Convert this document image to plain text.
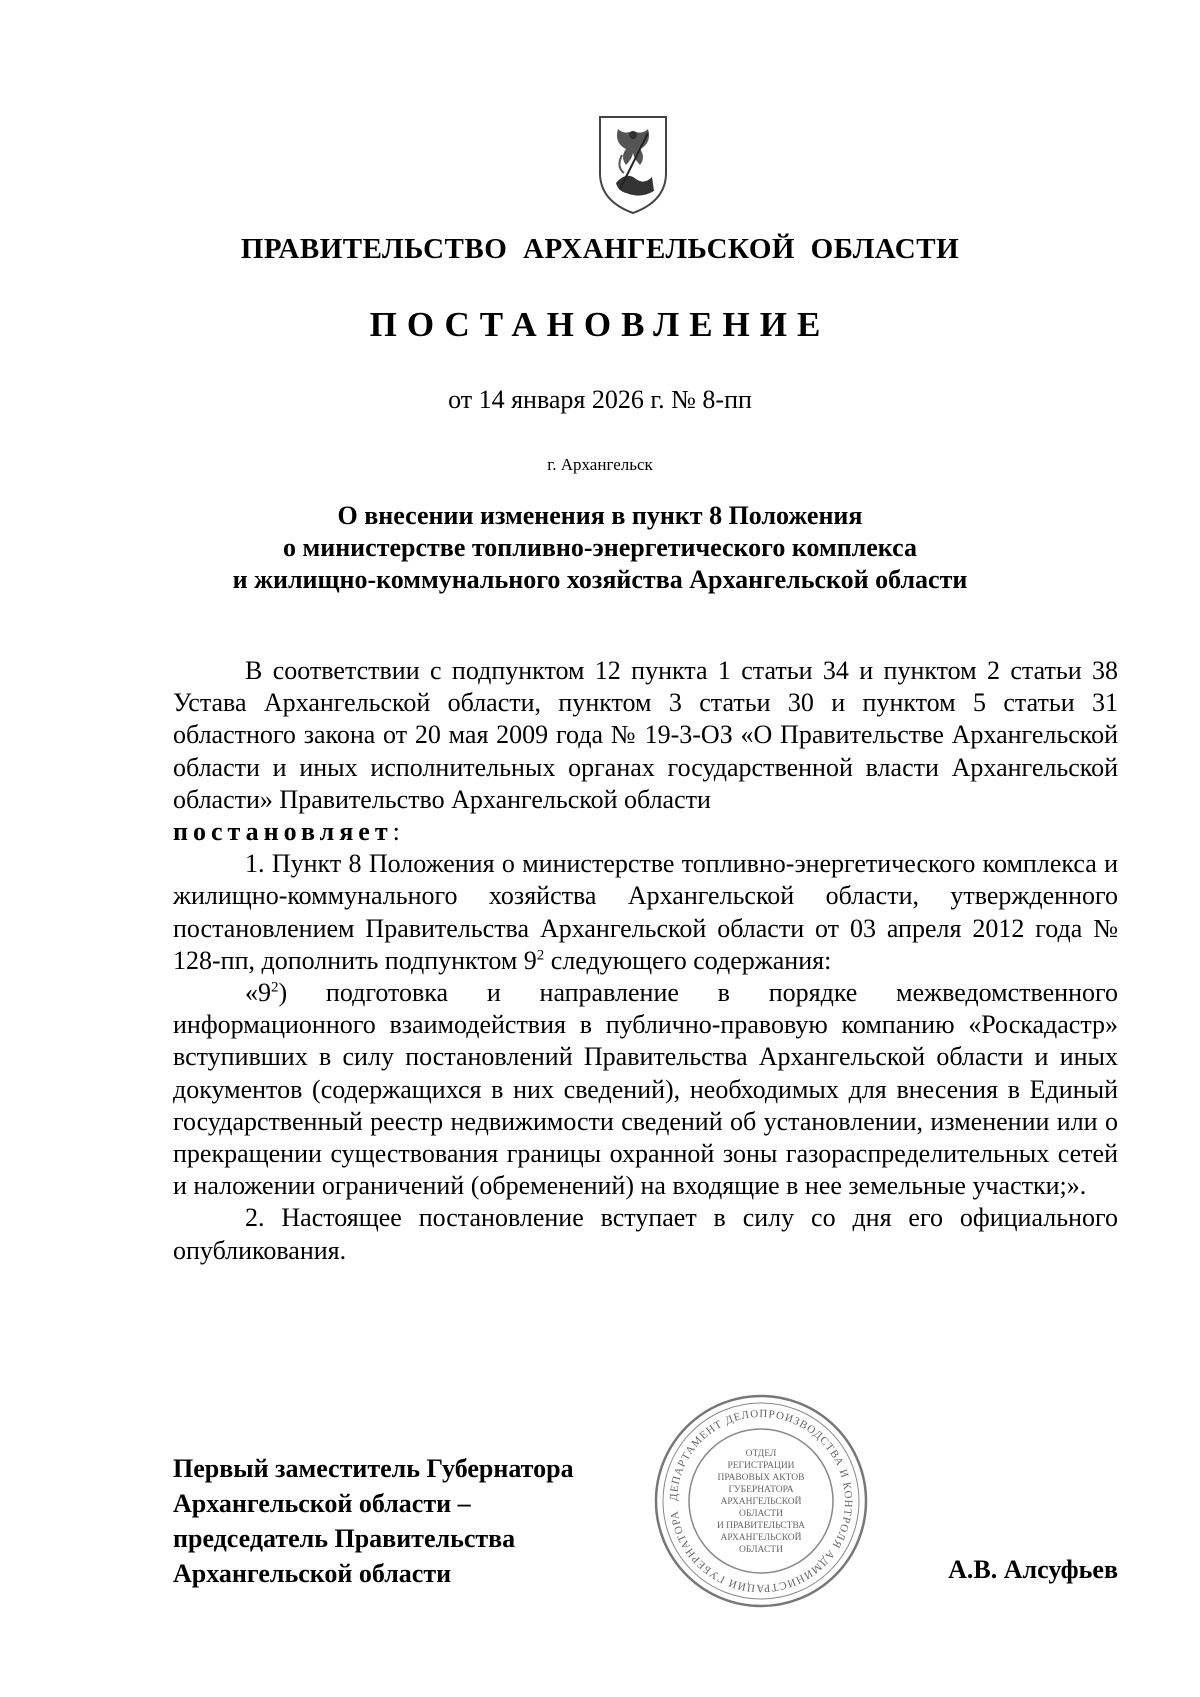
ПРАВИТЕЛЬСТВО АРХАНГЕЛЬСКОЙ ОБЛАСТИ
ПОСТАНОВЛЕНИЕ
от 14 января 2026 г. № 8-пп
г. Архангельск
О внесении изменения в пункт 8 Положения
о министерстве топливно-энергетического комплекса
и жилищно-коммунального хозяйства Архангельской области

В соответствии с подпунктом 12 пункта 1 статьи 34 и пунктом 2 статьи 38 Устава Архангельской области, пунктом 3 статьи 30 и пунктом 5 статьи 31 областного закона от 20 мая 2009 года № 19-3-ОЗ «О Правительстве Архангельской области и иных исполнительных органах государственной власти Архангельской области» Правительство Архангельской области
постановляет:

1. Пункт 8 Положения о министерстве топливно-энергетического комплекса и жилищно-коммунального хозяйства Архангельской области, утвержденного постановлением Правительства Архангельской области от 03 апреля 2012 года № 128-пп, дополнить подпунктом $9^2$ следующего содержания:

«$9^2$) подготовка и направление в порядке межведомственного информационного взаимодействия в публично-правовую компанию «Роскадастр» вступивших в силу постановлений Правительства Архангельской области и иных документов (содержащихся в них сведений), необходимых для внесения в Единый государственный реестр недвижимости сведений об установлении, изменении или о прекращении существования границы охранной зоны газораспределительных сетей и наложении ограничений (обременений) на входящие в нее земельные участки;».

2. Настоящее постановление вступает в силу со дня его официального опубликования.

Первый заместитель Губернатора
Архангельской области –
председатель Правительства
Архангельской области
ДЕПАРТАМЕНТ ДЕЛОПРОИЗВОДСТВА И КОНТРОЛЯ АДМИНИСТРАЦИИ ГУБЕРНАТОРА
ОТДЕЛ
РЕГИСТРАЦИИ
ПРАВОВЫХ АКТОВ
ГУБЕРНАТОРА
АРХАНГЕЛЬСКОЙ
ОБЛАСТИ
И ПРАВИТЕЛЬСТВА
АРХАНГЕЛЬСКОЙ
ОБЛАСТИ
А.В. Алсуфьев
